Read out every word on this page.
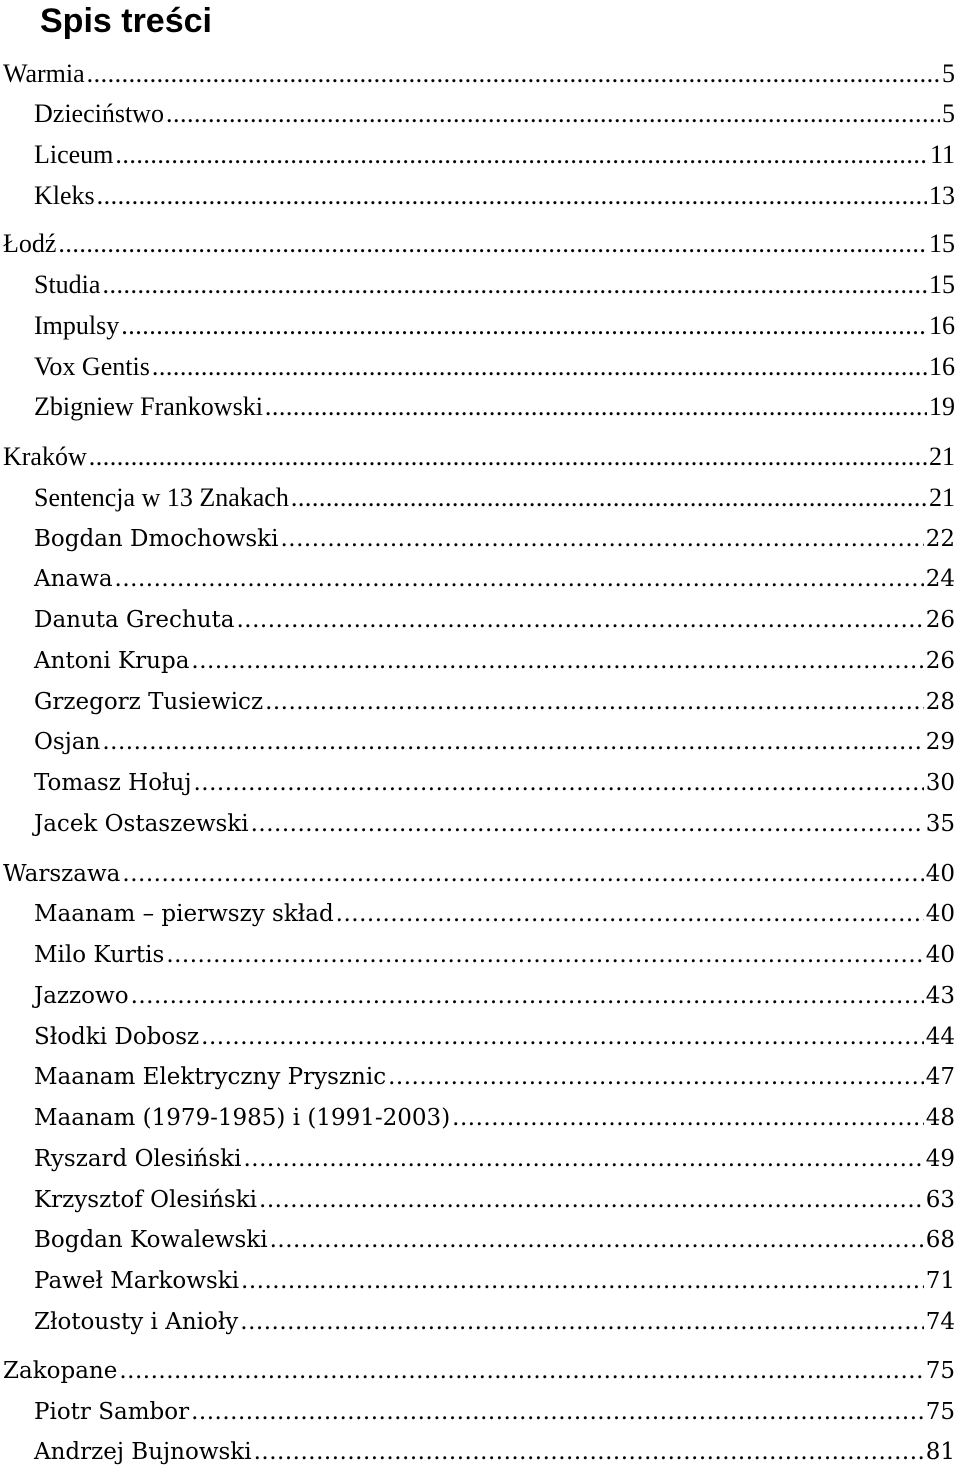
Spis treści
Warmia .....	5
Dzieciństwo .....	5
Liceum .....	11
Kleks .....	13
Łodź .....	15
Studia .....	15
Impulsy .....	16
Vox Gentis .....	16
Zbigniew Frankowski .....	19
Kraków .....	21
Sentencja w 13 Znakach .....	21
Bogdan Dmochowski .....	22
Anawa .....	24
Danuta Grechuta .....	26
Antoni Krupa .....	26
Grzegorz Tusiewicz .....	28
Osjan .....	29
Tomasz Hołuj .....	30
Jacek Ostaszewski .....	35
Warszawa .....	40
Maanam – pierwszy skład .....	40
Milo Kurtis .....	40
Jazzowo .....	43
Słodki Dobosz .....	44
Maanam Elektryczny Prysznic .....	47
Maanam (1979-1985) i (1991-2003) .....	48
Ryszard Olesiński .....	49
Krzysztof Olesiński .....	63
Bogdan Kowalewski .....	68
Paweł Markowski .....	71
Złotousty i Anioły .....	74
Zakopane .....	75
Piotr Sambor .....	75
Andrzej Bujnowski .....	81
